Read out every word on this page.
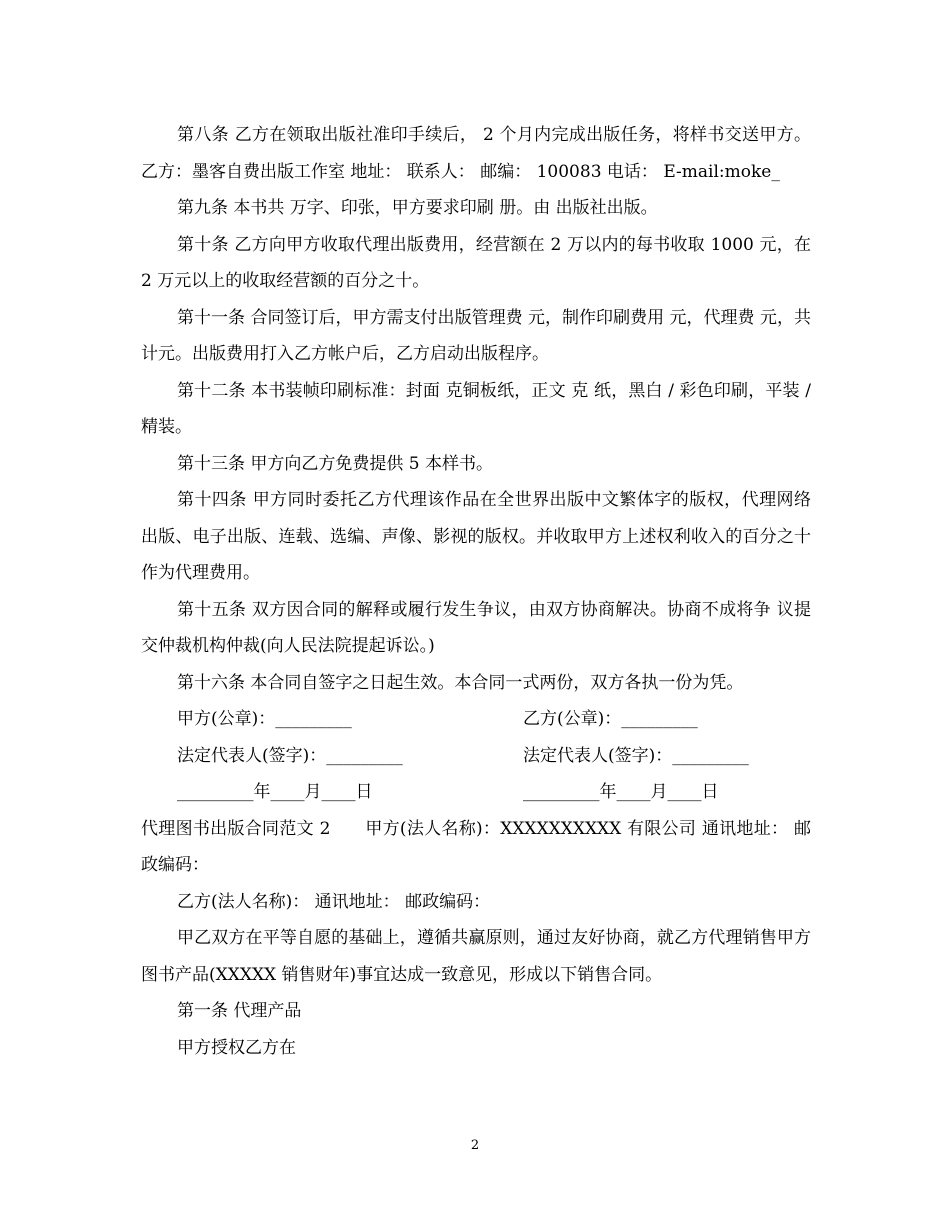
第八条 乙方在领取出版社准印手续后， 2 个月内完成出版任务，将样书交送甲方。 乙方：墨客自费出版工作室 地址： 联系人： 邮编： 100083 电话： E-mail:moke_

第九条 本书共 万字、印张，甲方要求印刷 册。由 出版社出版。

第十条 乙方向甲方收取代理出版费用，经营额在 2 万以内的每书收取 1000 元，在 2 万元以上的收取经营额的百分之十。

第十一条 合同签订后，甲方需支付出版管理费 元，制作印刷费用 元，代理费 元，共计元。出版费用打入乙方帐户后，乙方启动出版程序。

第十二条 本书装帧印刷标准：封面 克铜板纸，正文 克 纸，黑白 / 彩色印刷，平装 / 精装。

第十三条 甲方向乙方免费提供 5 本样书。

第十四条 甲方同时委托乙方代理该作品在全世界出版中文繁体字的版权，代理网络出版、电子出版、连载、选编、声像、影视的版权。并收取甲方上述权利收入的百分之十作为代理费用。

第十五条 双方因合同的解释或履行发生争议，由双方协商解决。协商不成将争 议提交仲裁机构仲裁(向人民法院提起诉讼。)

第十六条 本合同自签字之日起生效。本合同一式两份，双方各执一份为凭。

甲方(公章)：_________	乙方(公章)：_________
法定代表人(签字)：_________	法定代表人(签字)：_________
_________年____月____日	_________年____月____日

代理图书出版合同范文 2　　甲方(法人名称)：XXXXXXXXXX 有限公司 通讯地址： 邮政编码：

乙方(法人名称)： 通讯地址： 邮政编码：

甲乙双方在平等自愿的基础上，遵循共赢原则，通过友好协商，就乙方代理销售甲方图书产品(XXXXX 销售财年)事宜达成一致意见，形成以下销售合同。

第一条 代理产品

甲方授权乙方在

2
